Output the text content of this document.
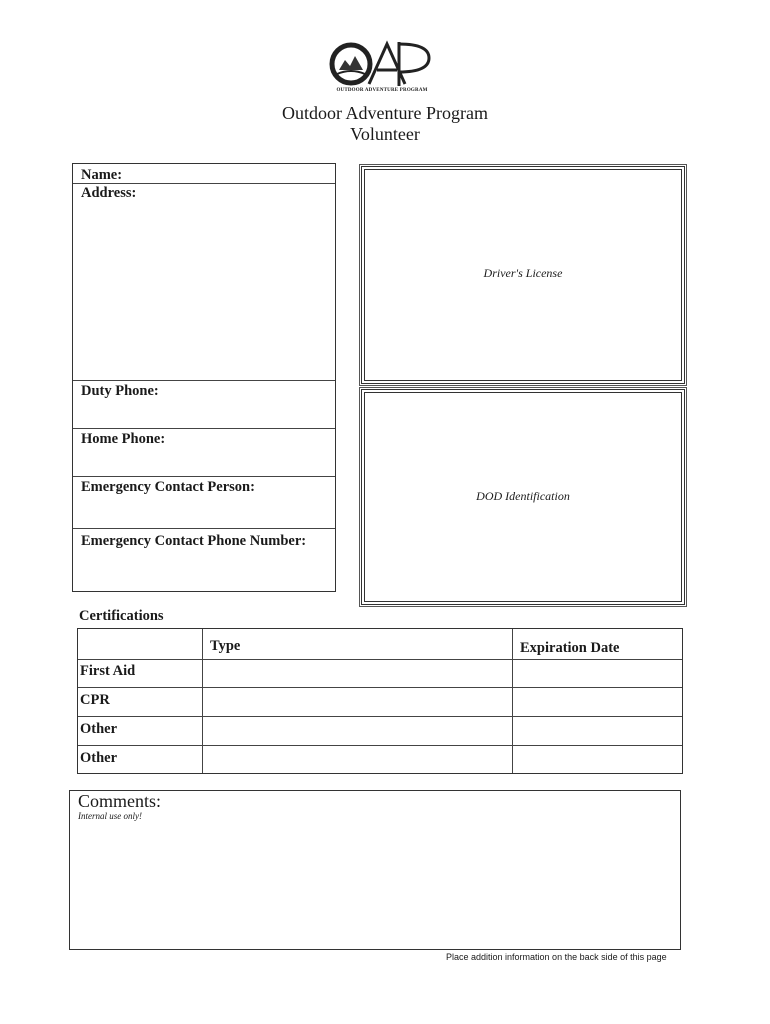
OUTDOOR ADVENTURE PROGRAM
Outdoor Adventure Program
Volunteer
Name:
Address:
Duty Phone:
Home Phone:
Emergency Contact Person:
Emergency Contact Phone Number:
Driver's License
DOD Identification
Certifications
Type	Expiration Date
First Aid
CPR
Other
Other
Comments:
Internal use only!
Place addition information on the back side of this page
